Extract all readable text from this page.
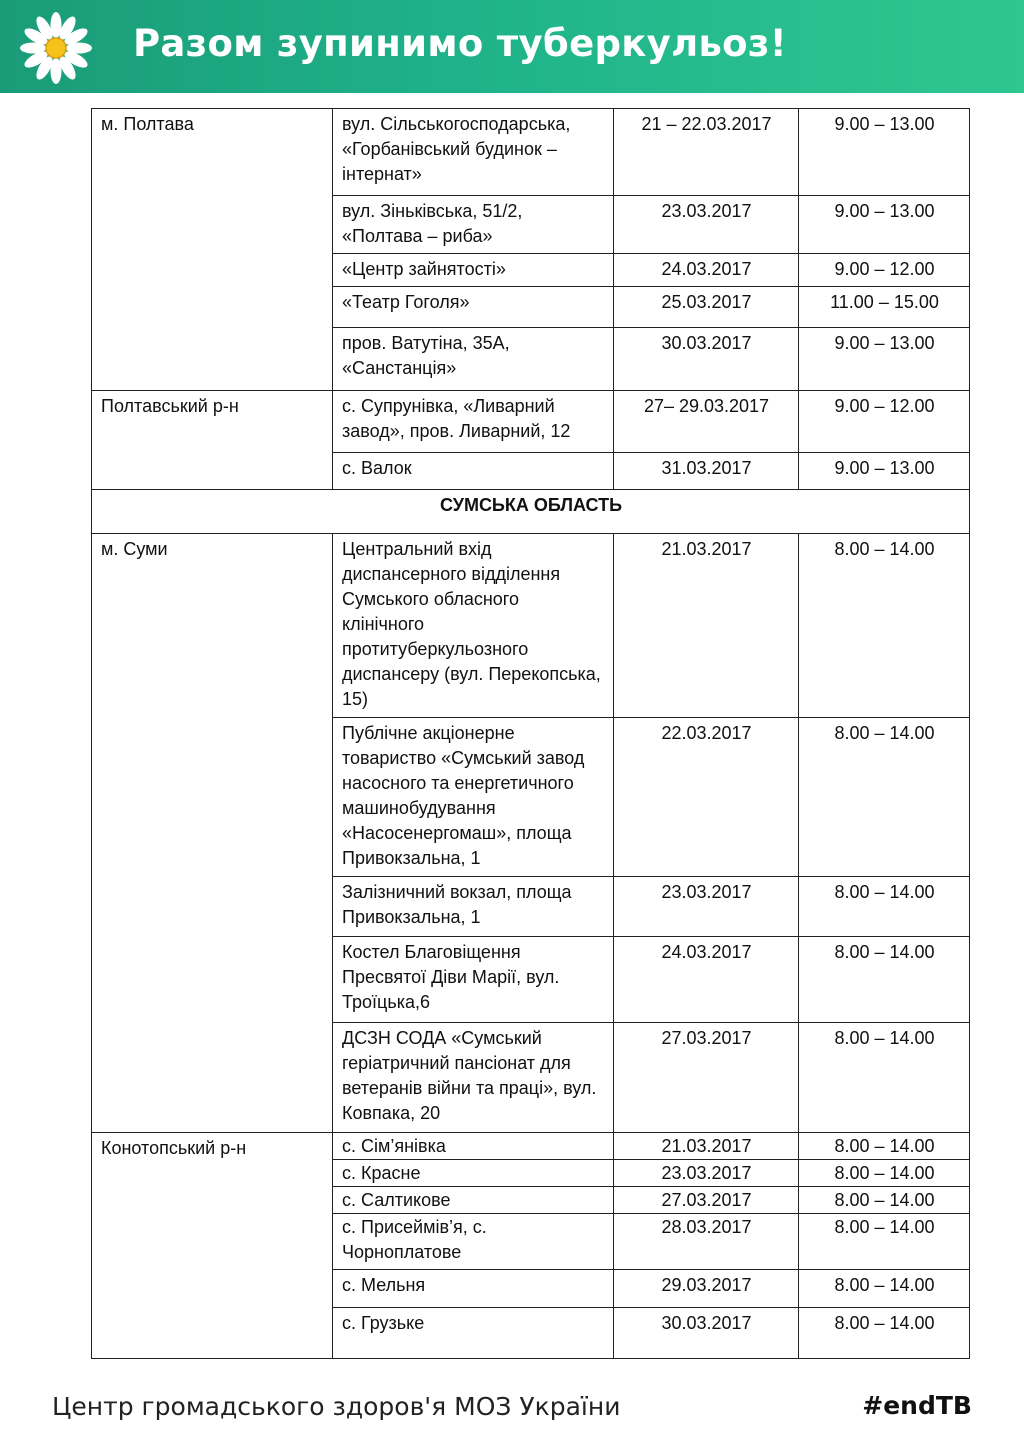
Разом зупинимо туберкульоз!
м. Полтава	вул. Сільськогосподарська, «Горбанівський будинок – інтернат»	21 – 22.03.2017	9.00 – 13.00
	вул. Зіньківська, 51/2, «Полтава – риба»	23.03.2017	9.00 – 13.00
	«Центр зайнятості»	24.03.2017	9.00 – 12.00
	«Театр Гоголя»	25.03.2017	11.00 – 15.00
	пров. Ватутіна, 35А, «Санстанція»	30.03.2017	9.00 – 13.00
Полтавський р-н	с. Супрунівка, «Ливарний завод», пров. Ливарний, 12	27– 29.03.2017	9.00 – 12.00
	с. Валок	31.03.2017	9.00 – 13.00
СУМСЬКА ОБЛАСТЬ			
м. Суми	Центральний вхід диспансерного відділення Сумського обласного клінічного протитуберкульозного диспансеру (вул. Перекопська, 15)	21.03.2017	8.00 – 14.00
	Публічне акціонерне товариство «Сумський завод насосного та енергетичного машинобудування «Насосенергомаш», площа Привокзальна, 1	22.03.2017	8.00 – 14.00
	Залізничний вокзал, площа Привокзальна, 1	23.03.2017	8.00 – 14.00
	Костел Благовіщення Пресвятої Діви Марії, вул. Троїцька,6	24.03.2017	8.00 – 14.00
	ДСЗН СОДА «Сумський геріатричний пансіонат для ветеранів війни та праці», вул. Ковпака, 20	27.03.2017	8.00 – 14.00
Конотопський р-н	с. Сім’янівка	21.03.2017	8.00 – 14.00
	с. Красне	23.03.2017	8.00 – 14.00
	с. Салтикове	27.03.2017	8.00 – 14.00
	с. Присеймів’я, с. Чорноплатове	28.03.2017	8.00 – 14.00
	с. Мельня	29.03.2017	8.00 – 14.00
	с. Грузьке	30.03.2017	8.00 – 14.00
Центр громадського здоров'я МОЗ України	#endTB
